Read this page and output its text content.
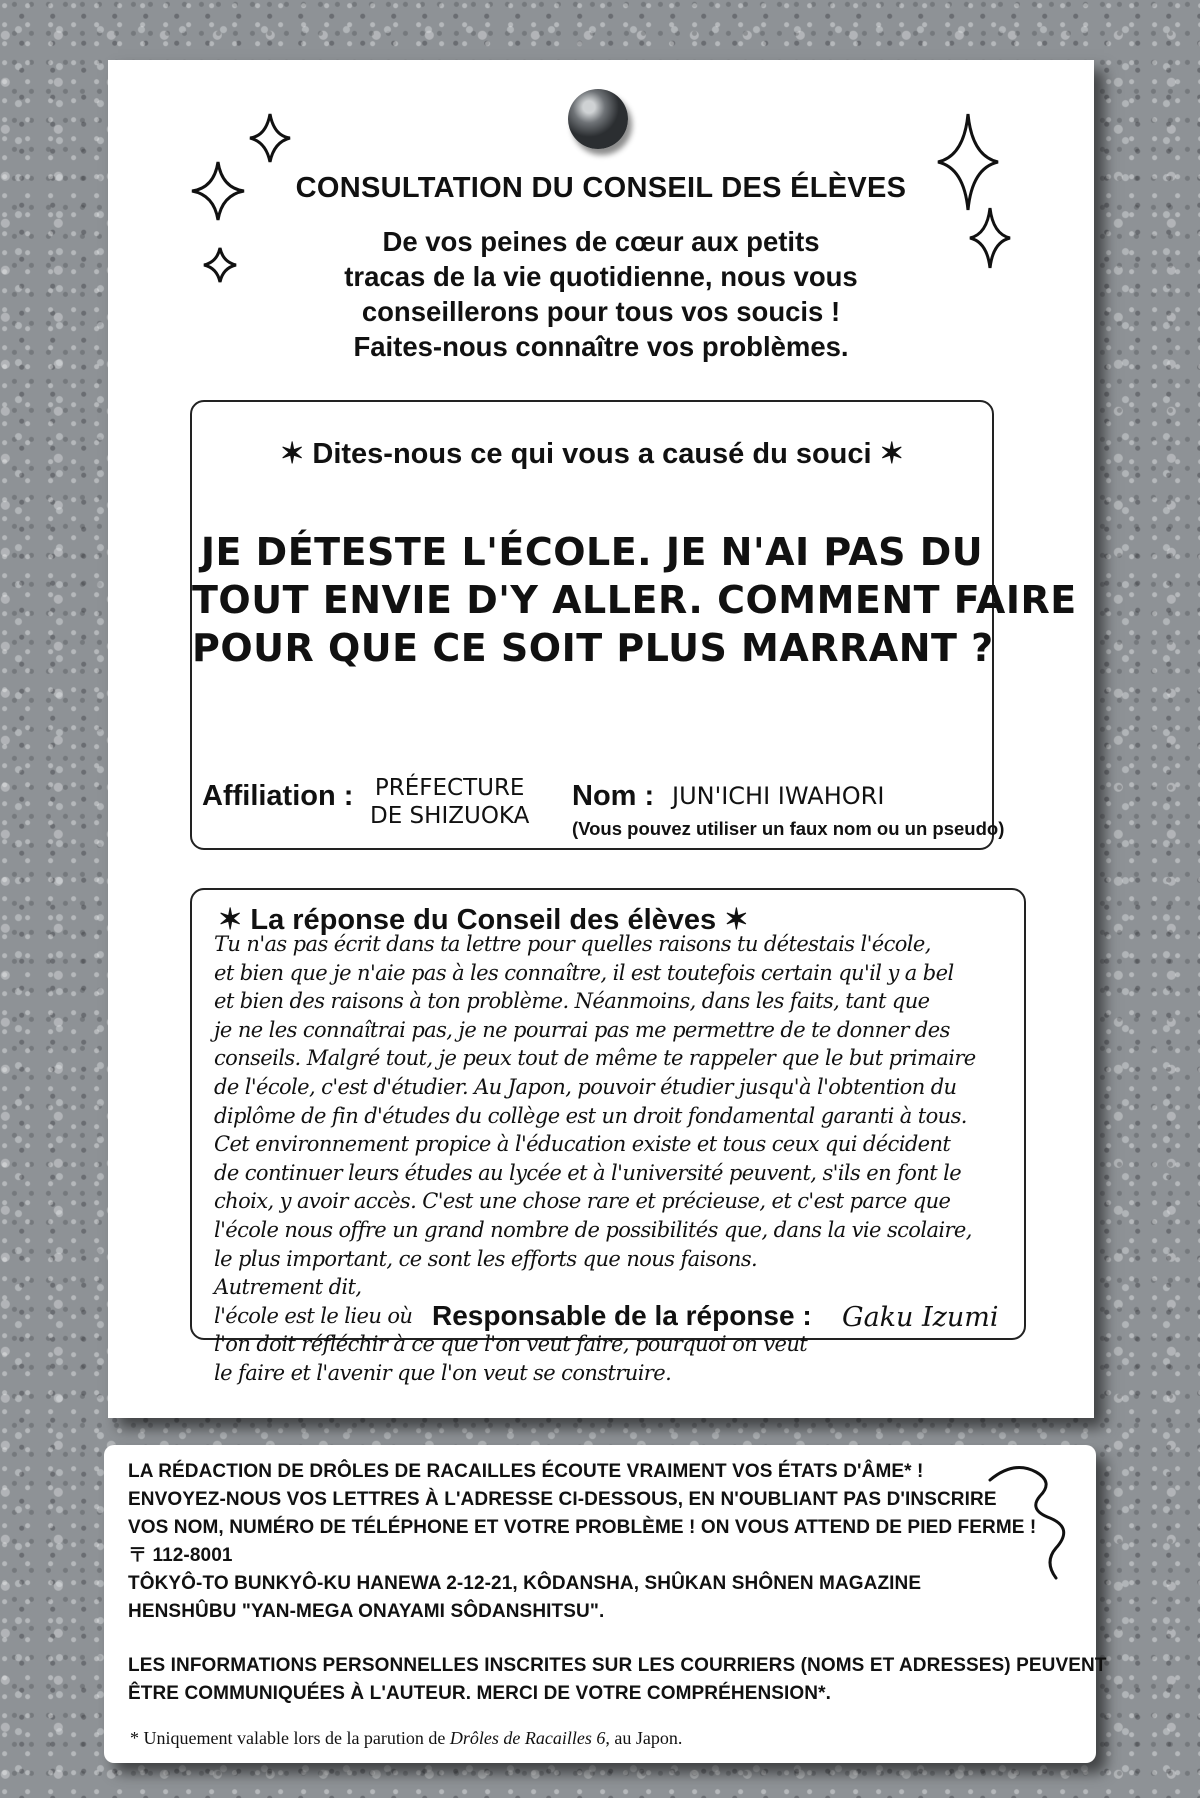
CONSULTATION DU CONSEIL DES ÉLÈVES
De vos peines de cœur aux petits
tracas de la vie quotidienne, nous vous
conseillerons pour tous vos soucis !
Faites-nous connaître vos problèmes.
✶ Dites-nous ce qui vous a causé du souci ✶
JE DÉTESTE L'ÉCOLE. JE N'AI PAS DU
TOUT ENVIE D'Y ALLER. COMMENT FAIRE
POUR QUE CE SOIT PLUS MARRANT ?
Affiliation : PRÉFECTURE
DE SHIZUOKA
Nom : JUN'ICHI IWAHORI
(Vous pouvez utiliser un faux nom ou un pseudo)
✶ La réponse du Conseil des élèves ✶
Tu n'as pas écrit dans ta lettre pour quelles raisons tu détestais l'école,
et bien que je n'aie pas à les connaître, il est toutefois certain qu'il y a bel
et bien des raisons à ton problème. Néanmoins, dans les faits, tant que
je ne les connaîtrai pas, je ne pourrai pas me permettre de te donner des
conseils. Malgré tout, je peux tout de même te rappeler que le but primaire
de l'école, c'est d'étudier. Au Japon, pouvoir étudier jusqu'à l'obtention du
diplôme de fin d'études du collège est un droit fondamental garanti à tous.
Cet environnement propice à l'éducation existe et tous ceux qui décident
de continuer leurs études au lycée et à l'université peuvent, s'ils en font le
choix, y avoir accès. C'est une chose rare et précieuse, et c'est parce que
l'école nous offre un grand nombre de possibilités que, dans la vie scolaire,
le plus important, ce sont les efforts que nous faisons.
Autrement dit,
l'école est le lieu où
l'on doit réfléchir à ce que l'on veut faire, pourquoi on veut
le faire et l'avenir que l'on veut se construire.
Responsable de la réponse : Gaku Izumi
LA RÉDACTION DE DRÔLES DE RACAILLES ÉCOUTE VRAIMENT VOS ÉTATS D'ÂME* !
ENVOYEZ-NOUS VOS LETTRES À L'ADRESSE CI-DESSOUS, EN N'OUBLIANT PAS D'INSCRIRE
VOS NOM, NUMÉRO DE TÉLÉPHONE ET VOTRE PROBLÈME ! ON VOUS ATTEND DE PIED FERME !
〒 112-8001
TÔKYÔ-TO BUNKYÔ-KU HANEWA 2-12-21, KÔDANSHA, SHÛKAN SHÔNEN MAGAZINE
HENSHÛBU "YAN-MEGA ONAYAMI SÔDANSHITSU".
LES INFORMATIONS PERSONNELLES INSCRITES SUR LES COURRIERS (NOMS ET ADRESSES) PEUVENT
ÊTRE COMMUNIQUÉES À L'AUTEUR. MERCI DE VOTRE COMPRÉHENSION*.
* Uniquement valable lors de la parution de Drôles de Racailles 6, au Japon.
